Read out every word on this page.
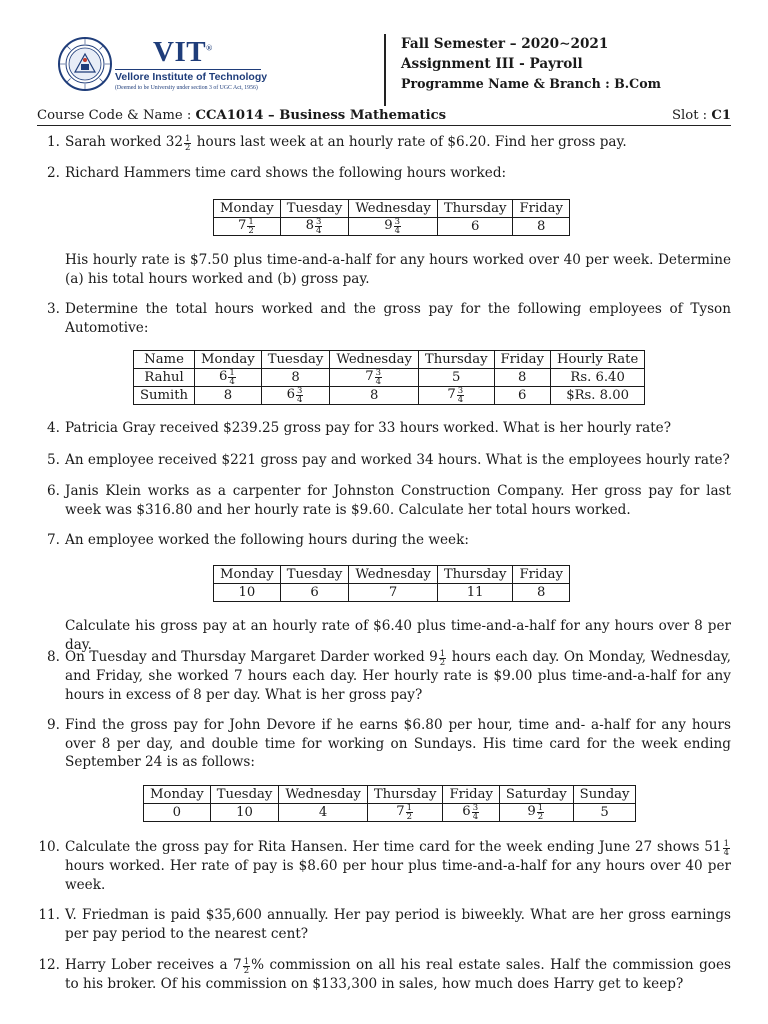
VIT®
Vellore Institute of Technology
(Deemed to be University under section 3 of UGC Act, 1956)
Fall Semester – 2020∼2021
Assignment III - Payroll
Programme Name & Branch : B.Com
Course Code & Name : CCA1014 – Business Mathematics	Slot : C1
1. Sarah worked $32 \frac{1}{2}$ hours last week at an hourly rate of $6.20. Find her gross pay.
2. Richard Hammers time card shows the following hours worked:
Monday	Tuesday	Wednesday	Thursday	Friday
$7 \frac{1}{2}$	$8 \frac{3}{4}$	$9 \frac{3}{4}$	6	8
His hourly rate is $7.50 plus time-and-a-half for any hours worked over 40 per week. Determine (a) his total hours worked and (b) gross pay.
3. Determine the total hours worked and the gross pay for the following employees of Tyson Automotive:
Name	Monday	Tuesday	Wednesday	Thursday	Friday	Hourly Rate
Rahul	$6 \frac{1}{4}$	8	$7 \frac{3}{4}$	5	8	Rs. 6.40
Sumith	8	$6 \frac{3}{4}$	8	$7 \frac{3}{4}$	6	$Rs. 8.00
4. Patricia Gray received $239.25 gross pay for 33 hours worked. What is her hourly rate?
5. An employee received $221 gross pay and worked 34 hours. What is the employees hourly rate?
6. Janis Klein works as a carpenter for Johnston Construction Company. Her gross pay for last week was $316.80 and her hourly rate is $9.60. Calculate her total hours worked.
7. An employee worked the following hours during the week:
Monday	Tuesday	Wednesday	Thursday	Friday
10	6	7	11	8
Calculate his gross pay at an hourly rate of $6.40 plus time-and-a-half for any hours over 8 per day.
8. On Tuesday and Thursday Margaret Darder worked $9 \frac{1}{2}$ hours each day. On Monday, Wednesday, and Friday, she worked 7 hours each day. Her hourly rate is $9.00 plus time-and-a-half for any hours in excess of 8 per day. What is her gross pay?
9. Find the gross pay for John Devore if he earns $6.80 per hour, time and- a-half for any hours over 8 per day, and double time for working on Sundays. His time card for the week ending September 24 is as follows:
Monday	Tuesday	Wednesday	Thursday	Friday	Saturday	Sunday
0	10	4	$7 \frac{1}{2}$	$6 \frac{3}{4}$	$9 \frac{1}{2}$	5
10. Calculate the gross pay for Rita Hansen. Her time card for the week ending June 27 shows $51 \frac{1}{4}$
hours worked. Her rate of pay is $8.60 per hour plus time-and-a-half for any hours over 40 per week.
11. V. Friedman is paid $35,600 annually. Her pay period is biweekly. What are her gross earnings per pay period to the nearest cent?
12. Harry Lober receives a $7 \frac{1}{2}$ % commission on all his real estate sales. Half the commission goes to his broker. Of his commission on $133,300 in sales, how much does Harry get to keep?
